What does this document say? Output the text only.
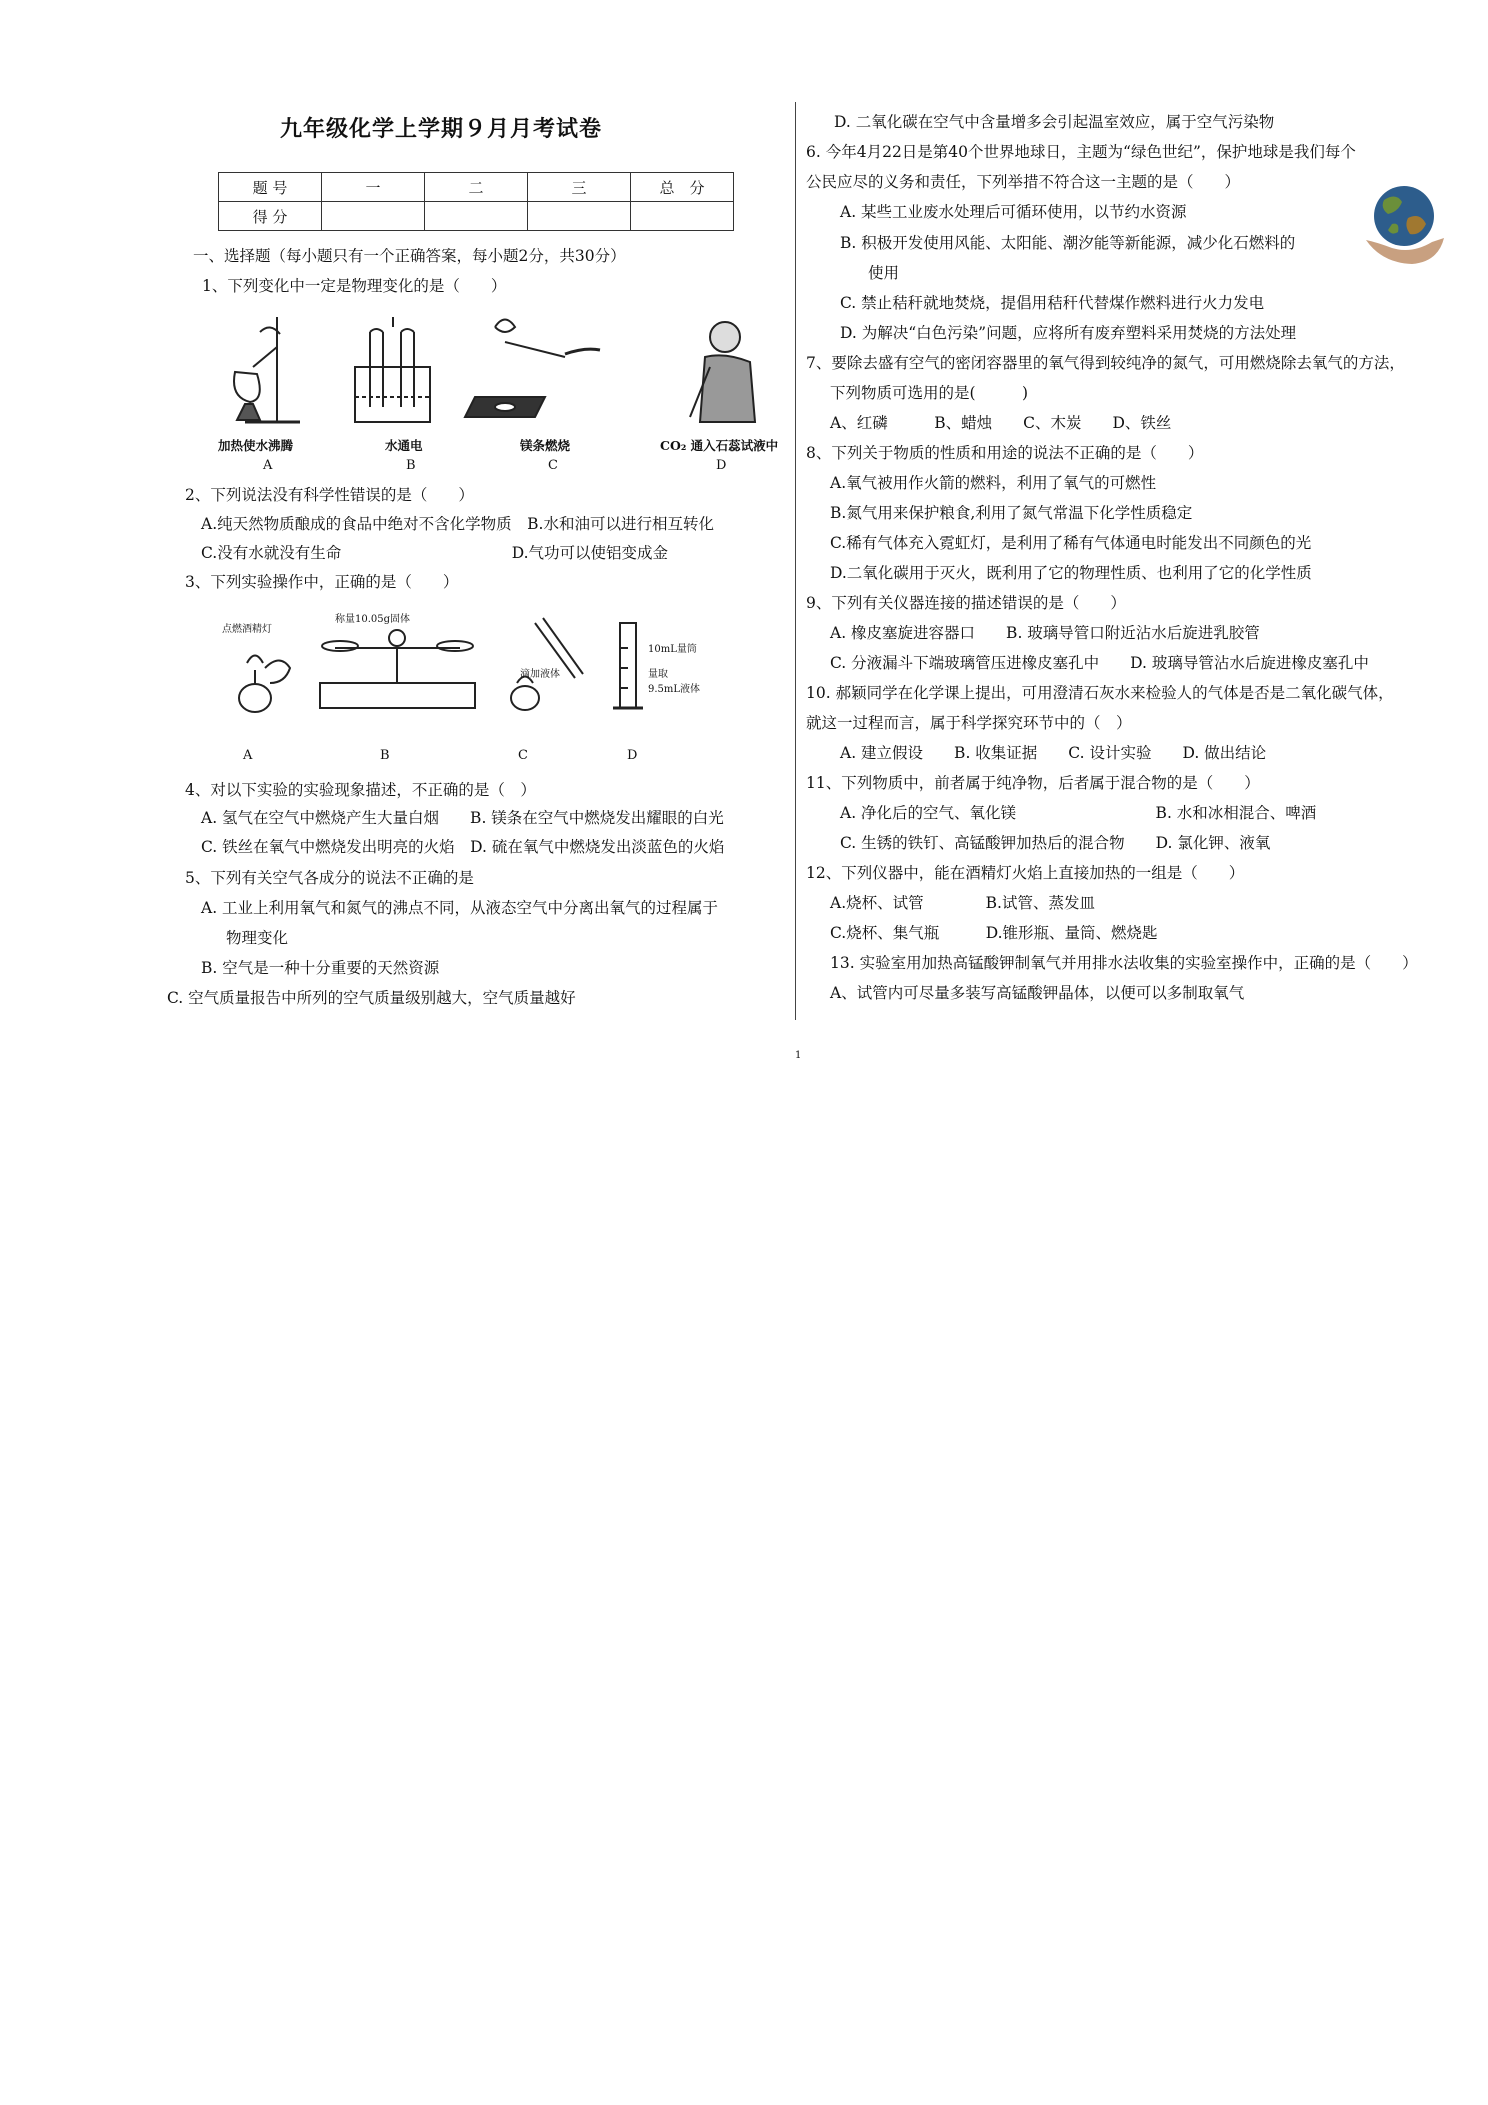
九年级化学上学期９月月考试卷
题 号	一	二	三	总　分
得 分				
一、选择题（每小题只有一个正确答案，每小题2分，共30分）
1、下列变化中一定是物理变化的是（　　）
加热使水沸腾	水通电	镁条燃烧	CO₂ 通入石蕊试液中
A	B	C	D
2、下列说法没有科学性错误的是（　　）
A.纯天然物质酿成的食品中绝对不含化学物质　B.水和油可以进行相互转化
C.没有水就没有生命　　　　　　　　　　　D.气功可以使铝变成金
3、下列实验操作中，正确的是（　　）
点燃酒精灯
称量10.05g固体
滴加液体
10mL量筒
量取
9.5mL液体
A	B	C	D
4、对以下实验的实验现象描述，不正确的是（　）
A. 氢气在空气中燃烧产生大量白烟　　B. 镁条在空气中燃烧发出耀眼的白光
C. 铁丝在氧气中燃烧发出明亮的火焰　D. 硫在氧气中燃烧发出淡蓝色的火焰
5、下列有关空气各成分的说法不正确的是
A. 工业上利用氧气和氮气的沸点不同，从液态空气中分离出氧气的过程属于
物理变化
B. 空气是一种十分重要的天然资源
C. 空气质量报告中所列的空气质量级别越大，空气质量越好
D. 二氧化碳在空气中含量增多会引起温室效应，属于空气污染物
6. 今年4月22日是第40个世界地球日，主题为“绿色世纪”，保护地球是我们每个
公民应尽的义务和责任，下列举措不符合这一主题的是（　　）
A. 某些工业废水处理后可循环使用，以节约水资源
B. 积极开发使用风能、太阳能、潮汐能等新能源，减少化石燃料的
使用
C. 禁止秸秆就地焚烧，提倡用秸秆代替煤作燃料进行火力发电
D. 为解决“白色污染”问题，应将所有废弃塑料采用焚烧的方法处理
7、要除去盛有空气的密闭容器里的氧气得到较纯净的氮气，可用燃烧除去氧气的方法，
下列物质可选用的是(　　　)
A、红磷　　　B、蜡烛　　C、木炭　　D、铁丝
8、下列关于物质的性质和用途的说法不正确的是（　　）
A.氧气被用作火箭的燃料，利用了氧气的可燃性
B.氮气用来保护粮食,利用了氮气常温下化学性质稳定
C.稀有气体充入霓虹灯，是利用了稀有气体通电时能发出不同颜色的光
D.二氧化碳用于灭火，既利用了它的物理性质、也利用了它的化学性质
9、下列有关仪器连接的描述错误的是（　　）
A. 橡皮塞旋进容器口　　B. 玻璃导管口附近沾水后旋进乳胶管
C. 分液漏斗下端玻璃管压进橡皮塞孔中　　D. 玻璃导管沾水后旋进橡皮塞孔中
10. 郝颖同学在化学课上提出，可用澄清石灰水来检验人的气体是否是二氧化碳气体，
就这一过程而言，属于科学探究环节中的（　）
A. 建立假设　　B. 收集证据　　C. 设计实验　　D. 做出结论
11、下列物质中，前者属于纯净物，后者属于混合物的是（　　）
A. 净化后的空气、氧化镁　　　　　　　　　B. 水和冰相混合、啤酒
C. 生锈的铁钉、高锰酸钾加热后的混合物　　D. 氯化钾、液氧
12、下列仪器中，能在酒精灯火焰上直接加热的一组是（　　）
A.烧杯、试管　　　　B.试管、蒸发皿
C.烧杯、集气瓶　　　D.锥形瓶、量筒、燃烧匙
13. 实验室用加热高锰酸钾制氧气并用排水法收集的实验室操作中，正确的是（　　）
A、试管内可尽量多装写高锰酸钾晶体，以便可以多制取氧气
1
